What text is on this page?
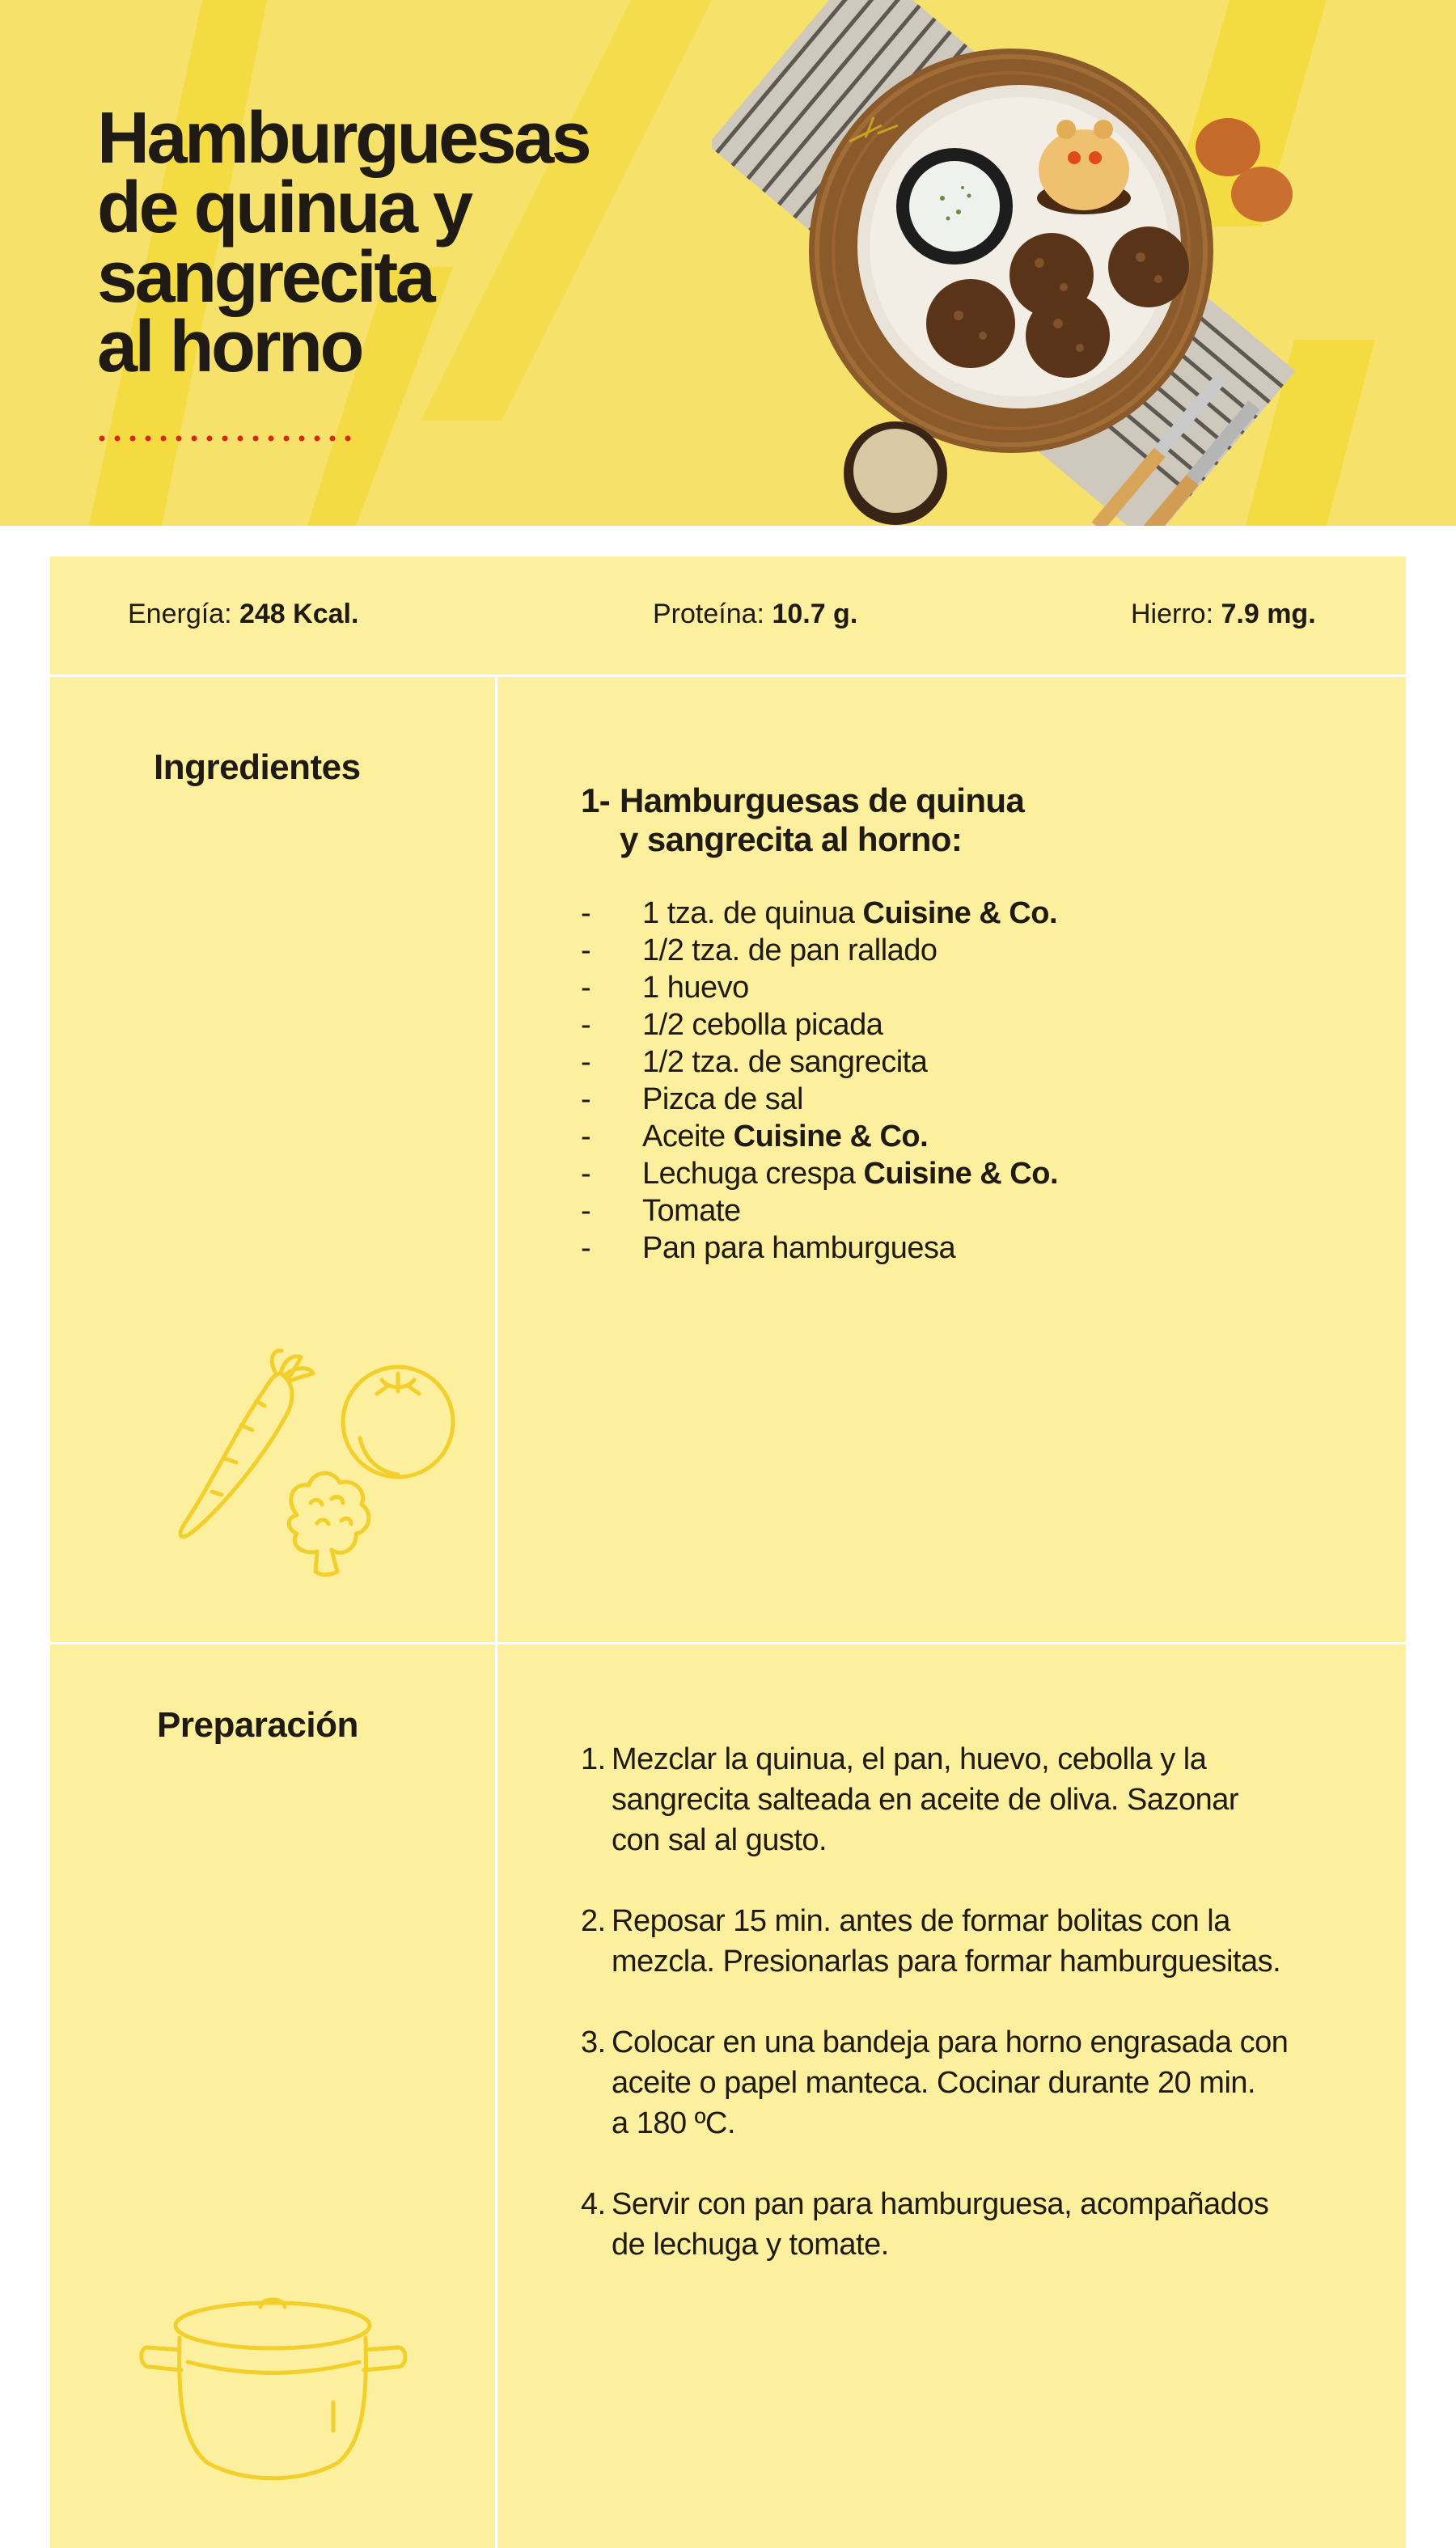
Hamburguesas
de quinua y
sangrecita
al horno
Energía: 248 Kcal.	Proteína: 10.7 g.	Hierro: 7.9 mg.
Ingredientes
1- Hamburguesas de quinua
y sangrecita al horno:
- 1 tza. de quinua Cuisine & Co.
- 1/2 tza. de pan rallado
- 1 huevo
- 1/2 cebolla picada
- 1/2 tza. de sangrecita
- Pizca de sal
- Aceite Cuisine & Co.
- Lechuga crespa Cuisine & Co.
- Tomate
- Pan para hamburguesa
Preparación
1. Mezclar la quinua, el pan, huevo, cebolla y la
sangrecita salteada en aceite de oliva. Sazonar
con sal al gusto.
2. Reposar 15 min. antes de formar bolitas con la
mezcla. Presionarlas para formar hamburguesitas.
3. Colocar en una bandeja para horno engrasada con
aceite o papel manteca. Cocinar durante 20 min.
a 180 ºC.
4. Servir con pan para hamburguesa, acompañados
de lechuga y tomate.
